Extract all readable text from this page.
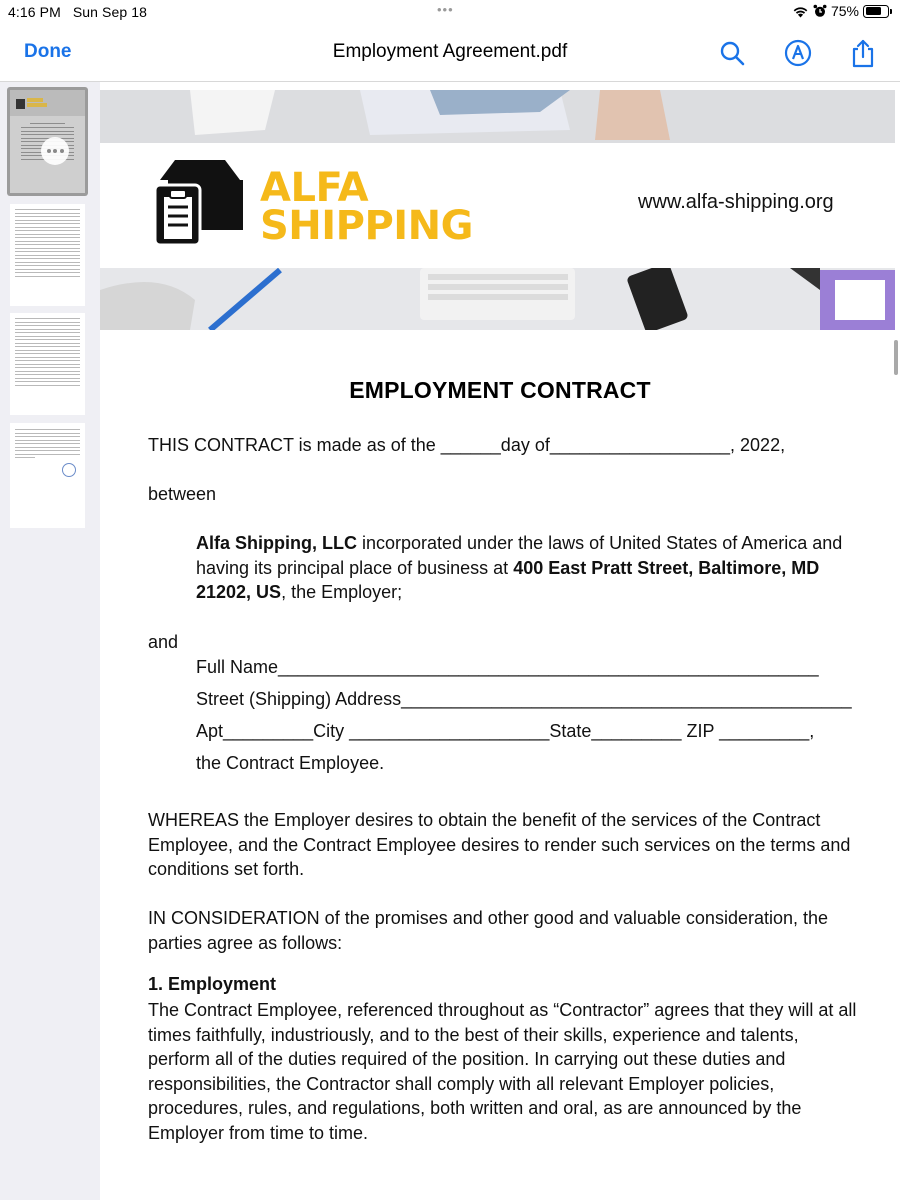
4:16 PM Sun Sep 18	•••	75%
Done	Employment Agreement.pdf
ALFA
SHIPPING
www.alfa-shipping.org
EMPLOYMENT CONTRACT
THIS CONTRACT is made as of the ______day of__________________, 2022,
between
Alfa Shipping, LLC incorporated under the laws of United States of America and having its principal place of business at 400 East Pratt Street, Baltimore, MD 21202, US, the Employer;
and
Full Name______________________________________________________
Street (Shipping) Address_____________________________________________
Apt_________City ____________________State_________ ZIP _________,
the Contract Employee.
WHEREAS the Employer desires to obtain the benefit of the services of the Contract Employee, and the Contract Employee desires to render such services on the terms and conditions set forth.
IN CONSIDERATION of the promises and other good and valuable consideration, the parties agree as follows:
1. Employment
The Contract Employee, referenced throughout as “Contractor” agrees that they will at all times faithfully, industriously, and to the best of their skills, experience and talents, perform all of the duties required of the position. In carrying out these duties and responsibilities, the Contractor shall comply with all relevant Employer policies, procedures, rules, and regulations, both written and oral, as are announced by the Employer from time to time.
